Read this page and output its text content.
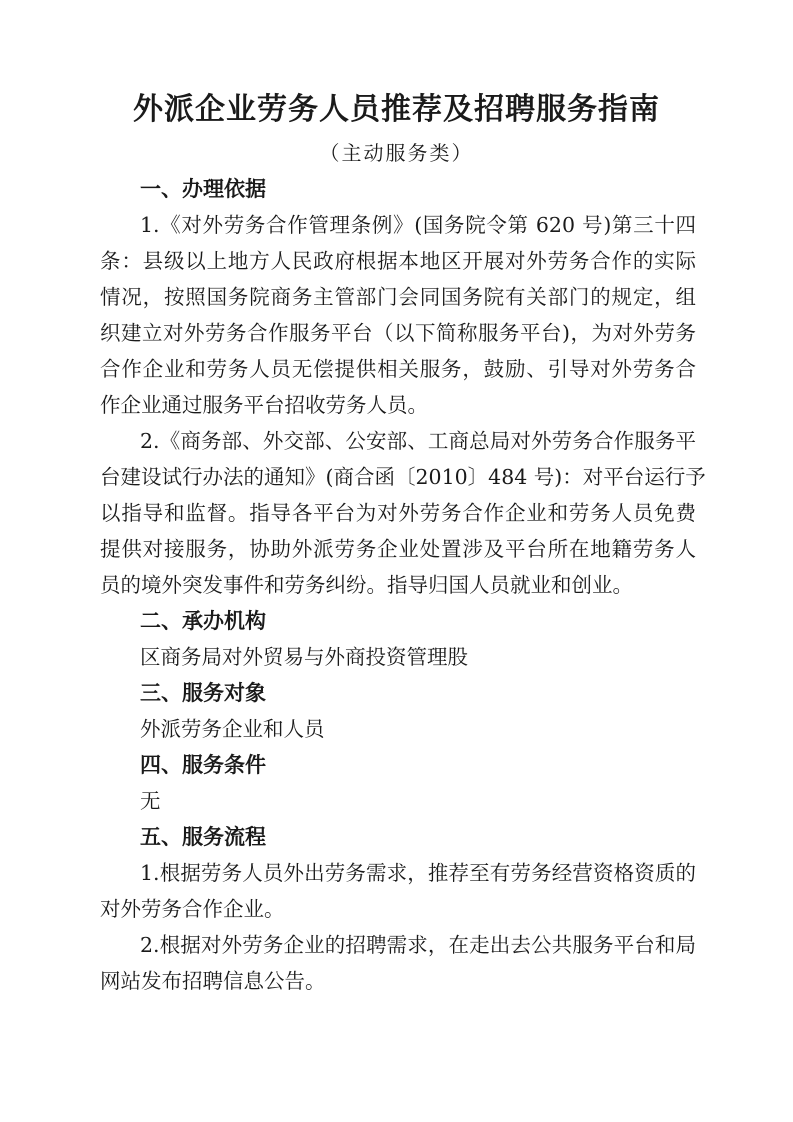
外派企业劳务人员推荐及招聘服务指南
（主动服务类）
一、办理依据
1.《对外劳务合作管理条例》(国务院令第 620 号)第三十四
条：县级以上地方人民政府根据本地区开展对外劳务合作的实际
情况，按照国务院商务主管部门会同国务院有关部门的规定，组
织建立对外劳务合作服务平台（以下简称服务平台)，为对外劳务
合作企业和劳务人员无偿提供相关服务，鼓励、引导对外劳务合
作企业通过服务平台招收劳务人员。
2.《商务部、外交部、公安部、工商总局对外劳务合作服务平
台建设试行办法的通知》(商合函〔2010〕484 号)：对平台运行予
以指导和监督。指导各平台为对外劳务合作企业和劳务人员免费
提供对接服务，协助外派劳务企业处置涉及平台所在地籍劳务人
员的境外突发事件和劳务纠纷。指导归国人员就业和创业。
二、承办机构
区商务局对外贸易与外商投资管理股
三、服务对象
外派劳务企业和人员
四、服务条件
无
五、服务流程
1.根据劳务人员外出劳务需求，推荐至有劳务经营资格资质的
对外劳务合作企业。
2.根据对外劳务企业的招聘需求，在走出去公共服务平台和局
网站发布招聘信息公告。
